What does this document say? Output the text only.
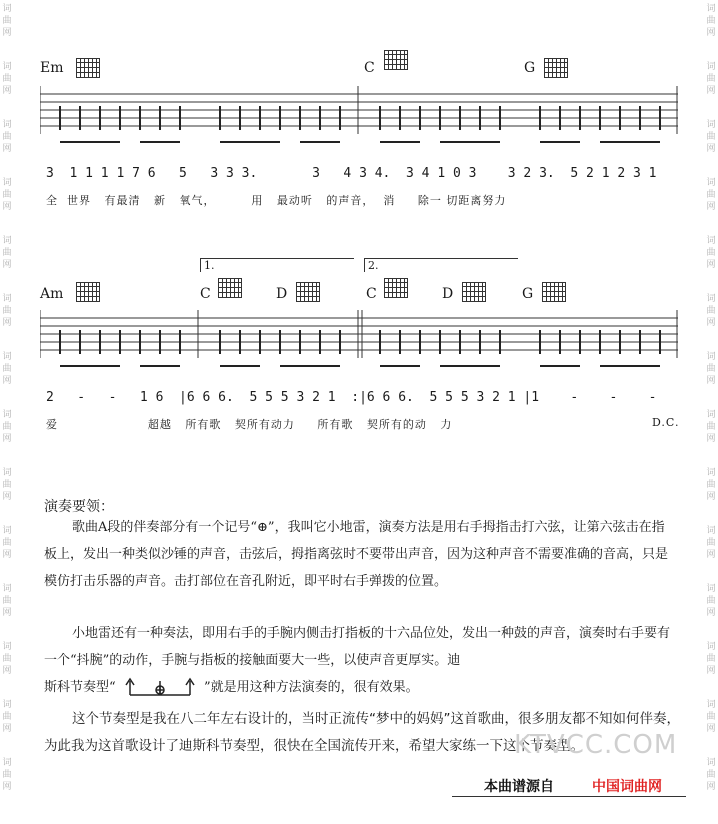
词
曲
网
词
曲
网
词
曲
网
词
曲
网
词
曲
网
词
曲
网
词
曲
网
词
曲
网
词
曲
网
词
曲
网
词
曲
网
词
曲
网
词
曲
网
词
曲
网
词
曲
网
词
曲
网
词
曲
网
词
曲
网
词
曲
网
词
曲
网
词
曲
网
词
曲
网
词
曲
网
词
曲
网
词
曲
网
词
曲
网
词
曲
网
词
曲
网
Em	C	G
3  1 1 1 1 7 6   5   3 3 3.       3   4 3 4.  3 4 1 0 3    3 2 3.  5 2 1 2 3 1
全  世界   有最清   新   氧气，        用   最动听   的声音，  消     除一 切距离努力
1.	2.
Am	C	D	C	D	G
2   -   -   1 6  |6 6 6.  5 5 5 3 2 1  :|6 6 6.  5 5 5 3 2 1 |1    -    -    -
爱                    超越   所有歌   契所有动力     所有歌   契所有的动   力	D.C.
演奏要领：
歌曲A段的伴奏部分有一个记号“⊕”，我叫它小地雷，演奏方法是用右手拇指击打六弦，让第六弦击在指板上，发出一种类似沙锤的声音，击弦后，拇指离弦时不要带出声音，因为这种声音不需要准确的音高，只是模仿打击乐器的声音。击打部位在音孔附近，即平时右手弹拨的位置。
小地雷还有一种奏法，即用右手的手腕内侧击打指板的十六品位处，发出一种鼓的声音，演奏时右手要有一个“抖腕”的动作，手腕与指板的接触面要大一些，以使声音更厚实。迪
斯科节奏型“	”就是用这种方法演奏的，很有效果。
这个节奏型是我在八二年左右设计的，当时正流传“梦中的妈妈”这首歌曲，很多朋友都不知如何伴奏，为此我为这首歌设计了迪斯科节奏型，很快在全国流传开来，希望大家练一下这个节奏型。
KTVCC.COM
本曲谱源自	中国词曲网
